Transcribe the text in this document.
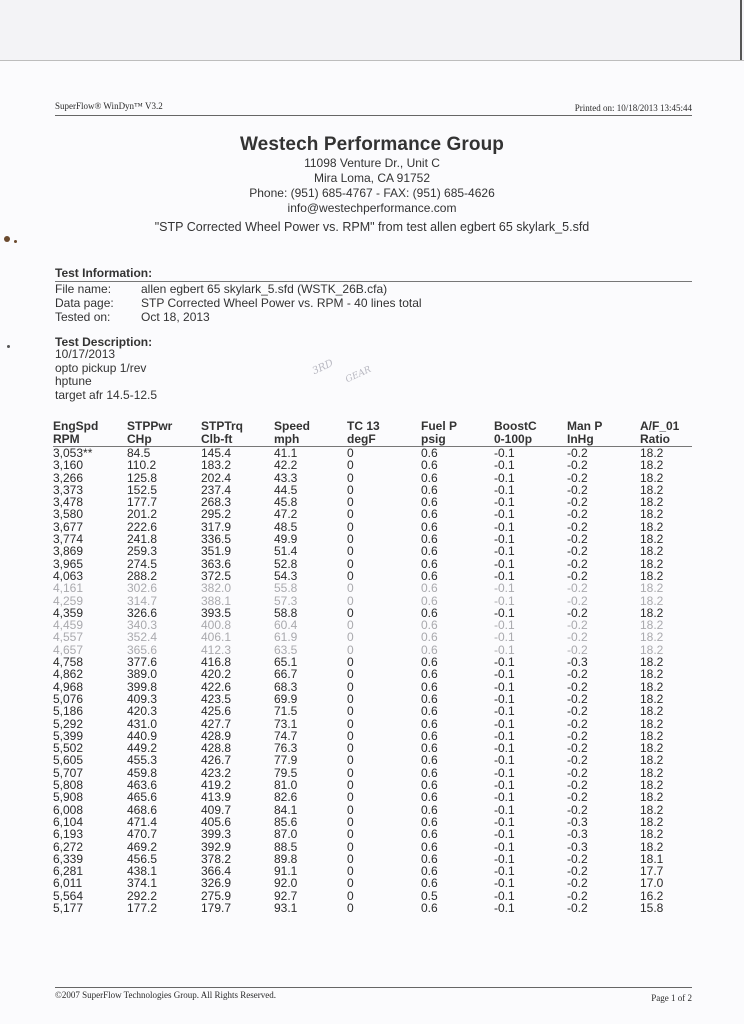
SuperFlow® WinDyn™ V3.2	Printed on: 10/18/2013 13:45:44
Westech Performance Group
11098 Venture Dr., Unit C
Mira Loma, CA 91752
Phone: (951) 685-4767 - FAX: (951) 685-4626
info@westechperformance.com
"STP Corrected Wheel Power vs. RPM" from test allen egbert 65 skylark_5.sfd
Test Information:
File name: allen egbert 65 skylark_5.sfd (WSTK_26B.cfa)
Data page: STP Corrected Wheel Power vs. RPM - 40 lines total
Tested on:	Oct 18, 2013
Test Description:
10/17/2013
opto pickup 1/rev
hptune
target afr 14.5-12.5
3RD GEAR
EngSpd	STPPwr	STPTrq	Speed	TC 13	Fuel P	BoostC	Man P	A/F_01
RPM	CHp	Clb-ft	mph	degF	psig	0-100p	InHg	Ratio
3,053**	84.5	145.4	41.1	0	0.6	-0.1	-0.2	18.2
3,160	110.2	183.2	42.2	0	0.6	-0.1	-0.2	18.2
3,266	125.8	202.4	43.3	0	0.6	-0.1	-0.2	18.2
3,373	152.5	237.4	44.5	0	0.6	-0.1	-0.2	18.2
3,478	177.7	268.3	45.8	0	0.6	-0.1	-0.2	18.2
3,580	201.2	295.2	47.2	0	0.6	-0.1	-0.2	18.2
3,677	222.6	317.9	48.5	0	0.6	-0.1	-0.2	18.2
3,774	241.8	336.5	49.9	0	0.6	-0.1	-0.2	18.2
3,869	259.3	351.9	51.4	0	0.6	-0.1	-0.2	18.2
3,965	274.5	363.6	52.8	0	0.6	-0.1	-0.2	18.2
4,063	288.2	372.5	54.3	0	0.6	-0.1	-0.2	18.2
4,161	302.6	382.0	55.8	0	0.6	-0.1	-0.2	18.2
4,259	314.7	388.1	57.3	0	0.6	-0.1	-0.2	18.2
4,359	326.6	393.5	58.8	0	0.6	-0.1	-0.2	18.2
4,459	340.3	400.8	60.4	0	0.6	-0.1	-0.2	18.2
4,557	352.4	406.1	61.9	0	0.6	-0.1	-0.2	18.2
4,657	365.6	412.3	63.5	0	0.6	-0.1	-0.2	18.2
4,758	377.6	416.8	65.1	0	0.6	-0.1	-0.3	18.2
4,862	389.0	420.2	66.7	0	0.6	-0.1	-0.2	18.2
4,968	399.8	422.6	68.3	0	0.6	-0.1	-0.2	18.2
5,076	409.3	423.5	69.9	0	0.6	-0.1	-0.2	18.2
5,186	420.3	425.6	71.5	0	0.6	-0.1	-0.2	18.2
5,292	431.0	427.7	73.1	0	0.6	-0.1	-0.2	18.2
5,399	440.9	428.9	74.7	0	0.6	-0.1	-0.2	18.2
5,502	449.2	428.8	76.3	0	0.6	-0.1	-0.2	18.2
5,605	455.3	426.7	77.9	0	0.6	-0.1	-0.2	18.2
5,707	459.8	423.2	79.5	0	0.6	-0.1	-0.2	18.2
5,808	463.6	419.2	81.0	0	0.6	-0.1	-0.2	18.2
5,908	465.6	413.9	82.6	0	0.6	-0.1	-0.2	18.2
6,008	468.6	409.7	84.1	0	0.6	-0.1	-0.2	18.2
6,104	471.4	405.6	85.6	0	0.6	-0.1	-0.3	18.2
6,193	470.7	399.3	87.0	0	0.6	-0.1	-0.3	18.2
6,272	469.2	392.9	88.5	0	0.6	-0.1	-0.3	18.2
6,339	456.5	378.2	89.8	0	0.6	-0.1	-0.2	18.1
6,281	438.1	366.4	91.1	0	0.6	-0.1	-0.2	17.7
6,011	374.1	326.9	92.0	0	0.6	-0.1	-0.2	17.0
5,564	292.2	275.9	92.7	0	0.5	-0.1	-0.2	16.2
5,177	177.2	179.7	93.1	0	0.6	-0.1	-0.2	15.8
©2007 SuperFlow Technologies Group. All Rights Reserved.	Page 1 of 2
